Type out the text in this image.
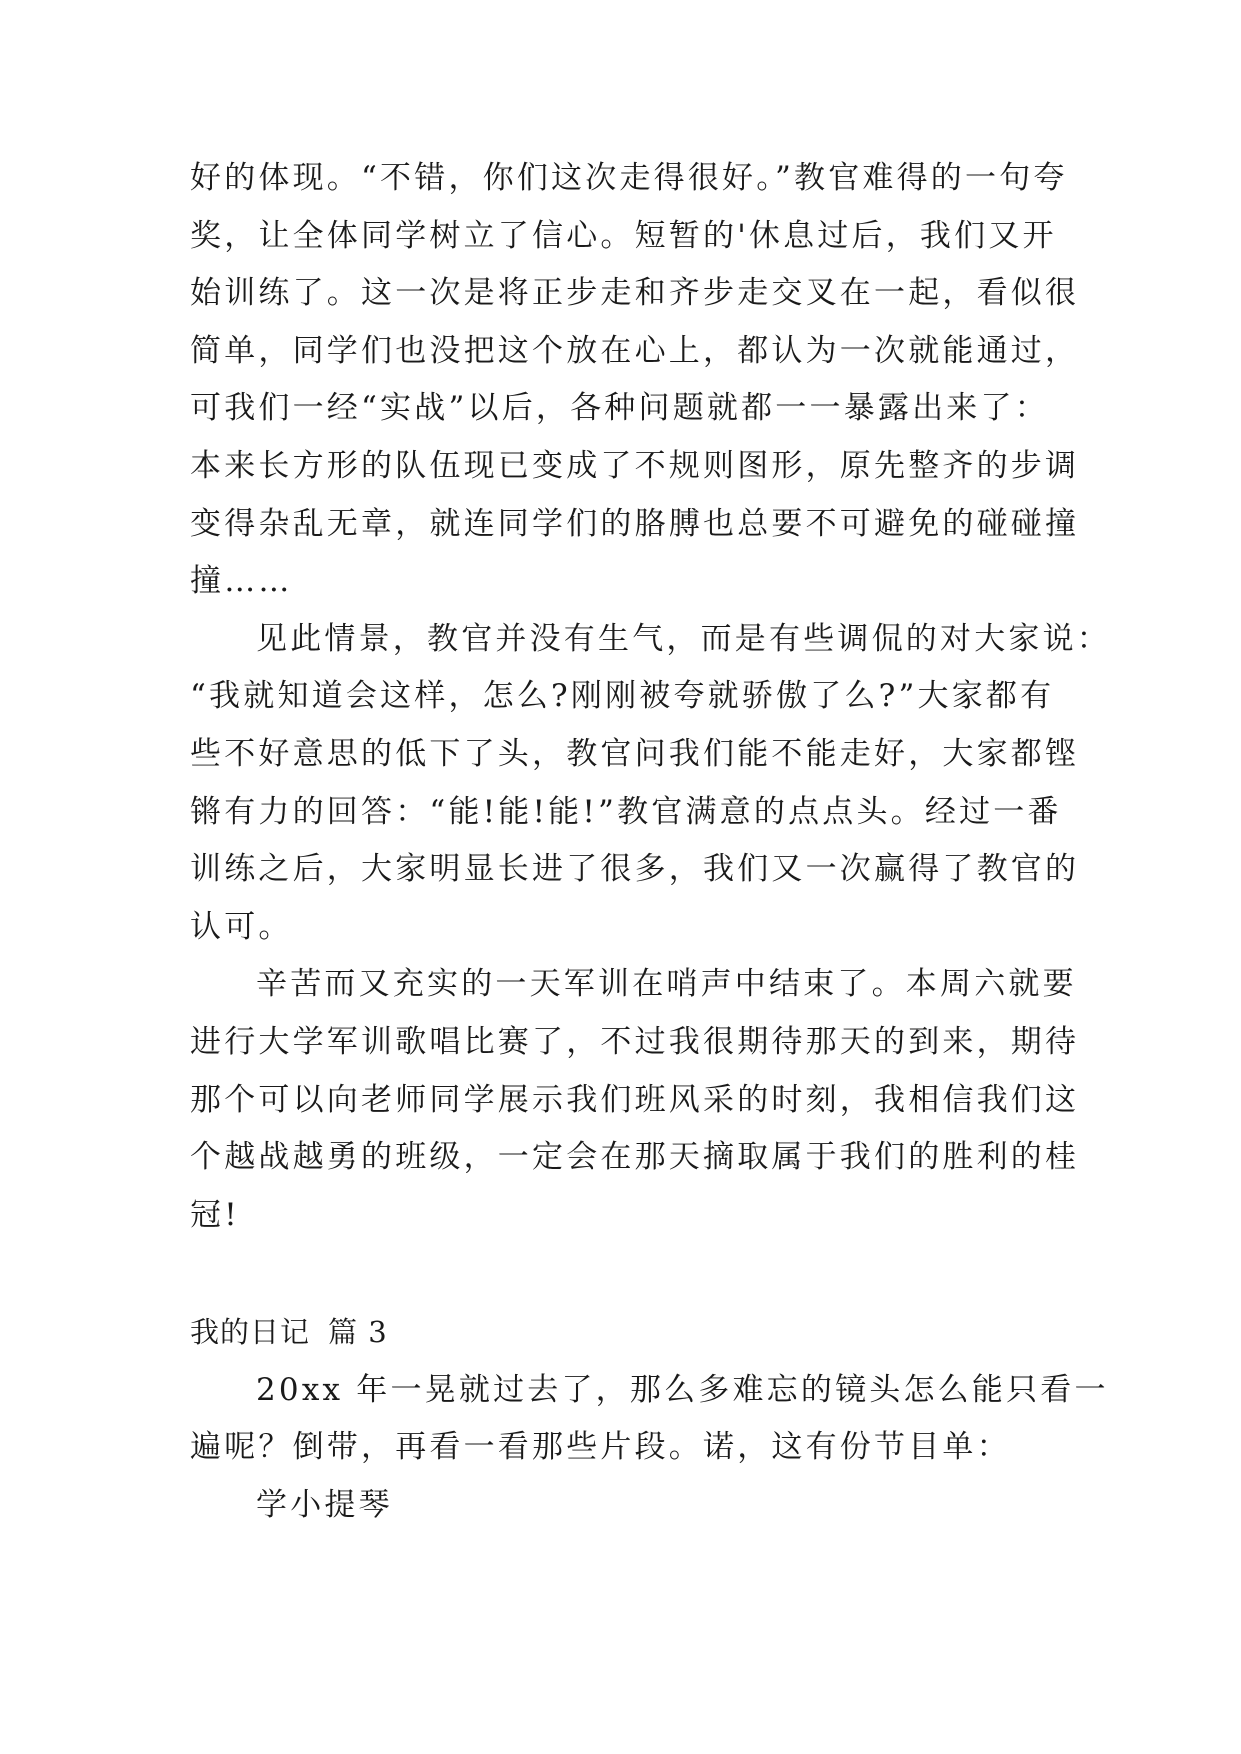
好的体现。“不错，你们这次走得很好。”教官难得的一句夸
奖，让全体同学树立了信心。短暂的'休息过后，我们又开
始训练了。这一次是将正步走和齐步走交叉在一起，看似很
简单，同学们也没把这个放在心上，都认为一次就能通过，
可我们一经“实战”以后，各种问题就都一一暴露出来了：
本来长方形的队伍现已变成了不规则图形，原先整齐的步调
变得杂乱无章，就连同学们的胳膊也总要不可避免的碰碰撞
撞……
见此情景，教官并没有生气，而是有些调侃的对大家说：
“我就知道会这样，怎么?刚刚被夸就骄傲了么?”大家都有
些不好意思的低下了头，教官问我们能不能走好，大家都铿
锵有力的回答：“能!能!能!”教官满意的点点头。经过一番
训练之后，大家明显长进了很多，我们又一次赢得了教官的
认可。
辛苦而又充实的一天军训在哨声中结束了。本周六就要
进行大学军训歌唱比赛了，不过我很期待那天的到来，期待
那个可以向老师同学展示我们班风采的时刻，我相信我们这
个越战越勇的班级，一定会在那天摘取属于我们的胜利的桂
冠!
我的日记 篇 3
20xx 年一晃就过去了，那么多难忘的镜头怎么能只看一
遍呢？倒带，再看一看那些片段。诺，这有份节目单：
学小提琴
